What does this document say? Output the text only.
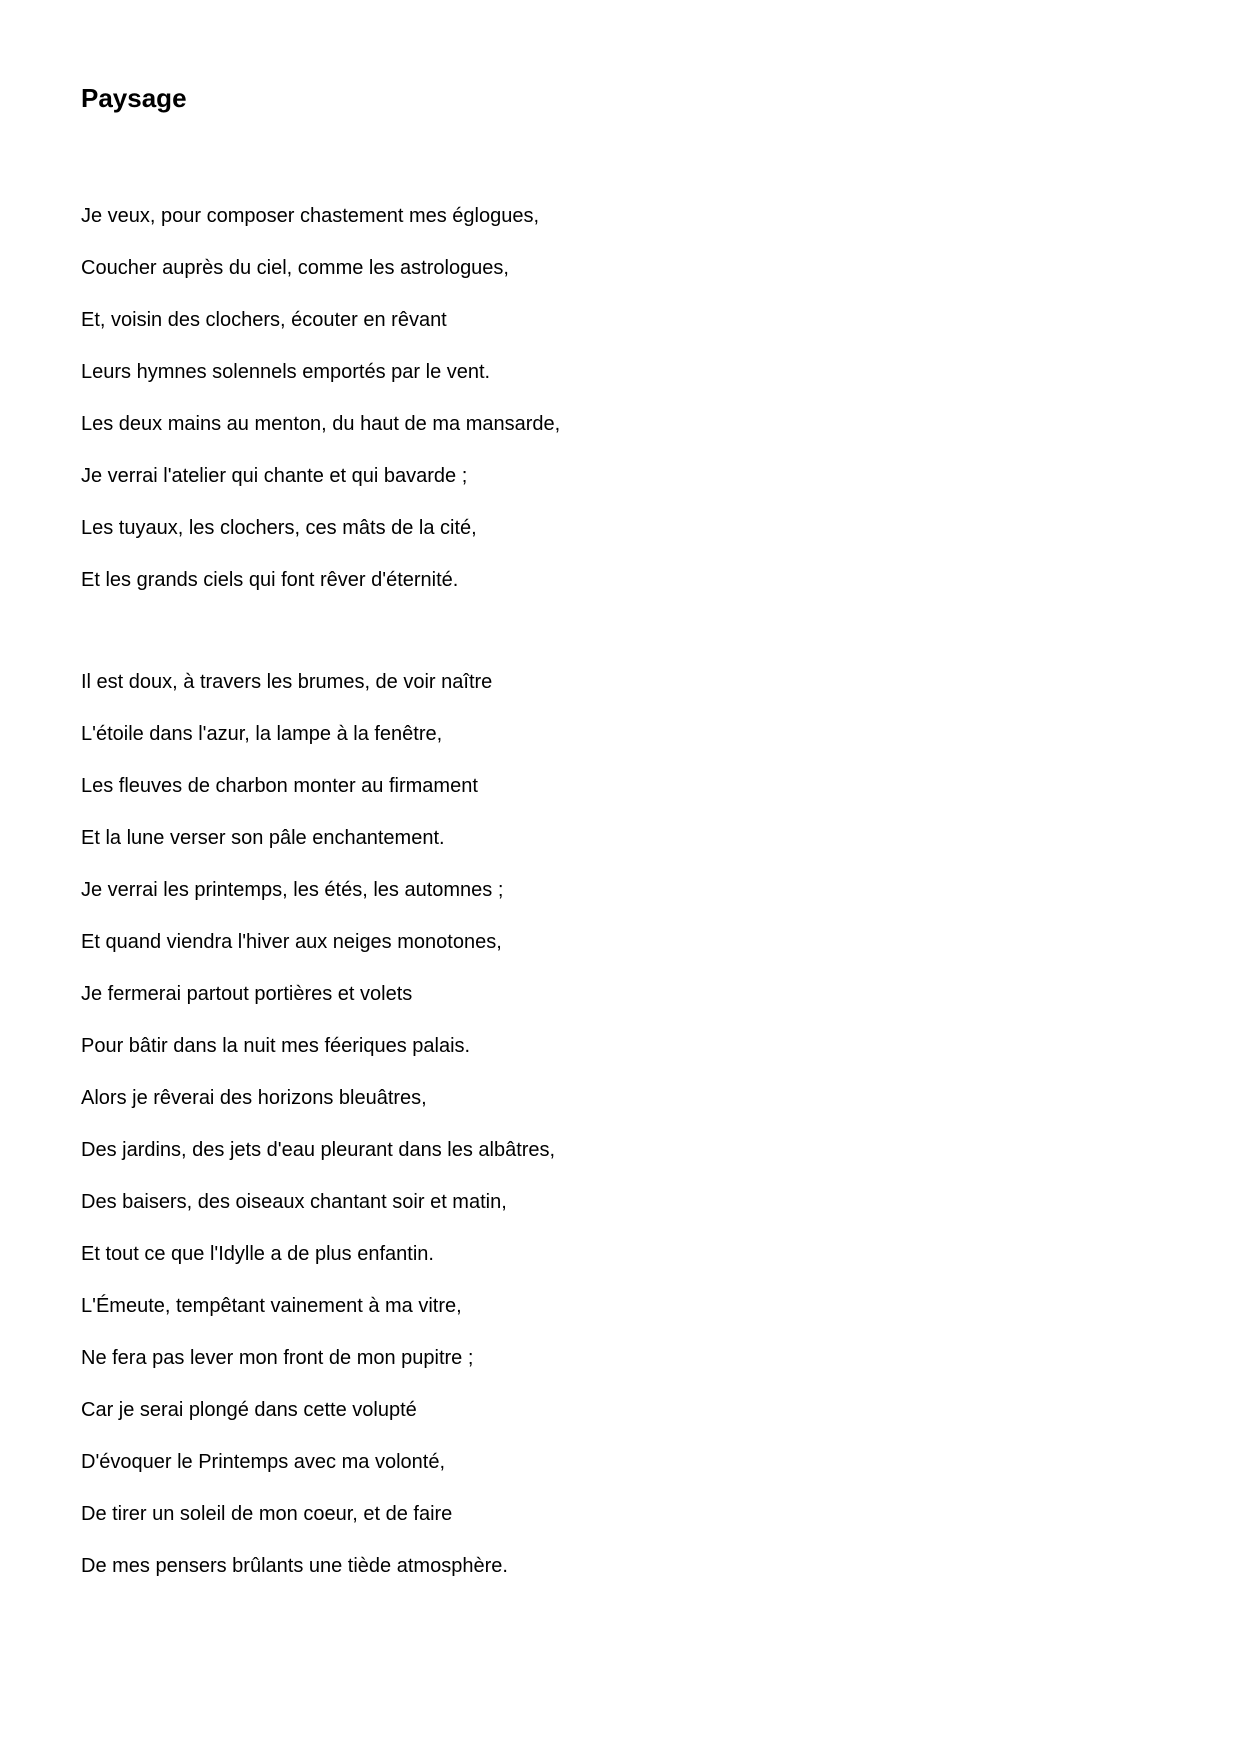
Paysage
Je veux, pour composer chastement mes églogues,
Coucher auprès du ciel, comme les astrologues,
Et, voisin des clochers, écouter en rêvant
Leurs hymnes solennels emportés par le vent.
Les deux mains au menton, du haut de ma mansarde,
Je verrai l'atelier qui chante et qui bavarde ;
Les tuyaux, les clochers, ces mâts de la cité,
Et les grands ciels qui font rêver d'éternité.
Il est doux, à travers les brumes, de voir naître
L'étoile dans l'azur, la lampe à la fenêtre,
Les fleuves de charbon monter au firmament
Et la lune verser son pâle enchantement.
Je verrai les printemps, les étés, les automnes ;
Et quand viendra l'hiver aux neiges monotones,
Je fermerai partout portières et volets
Pour bâtir dans la nuit mes féeriques palais.
Alors je rêverai des horizons bleuâtres,
Des jardins, des jets d'eau pleurant dans les albâtres,
Des baisers, des oiseaux chantant soir et matin,
Et tout ce que l'Idylle a de plus enfantin.
L'Émeute, tempêtant vainement à ma vitre,
Ne fera pas lever mon front de mon pupitre ;
Car je serai plongé dans cette volupté
D'évoquer le Printemps avec ma volonté,
De tirer un soleil de mon coeur, et de faire
De mes pensers brûlants une tiède atmosphère.
